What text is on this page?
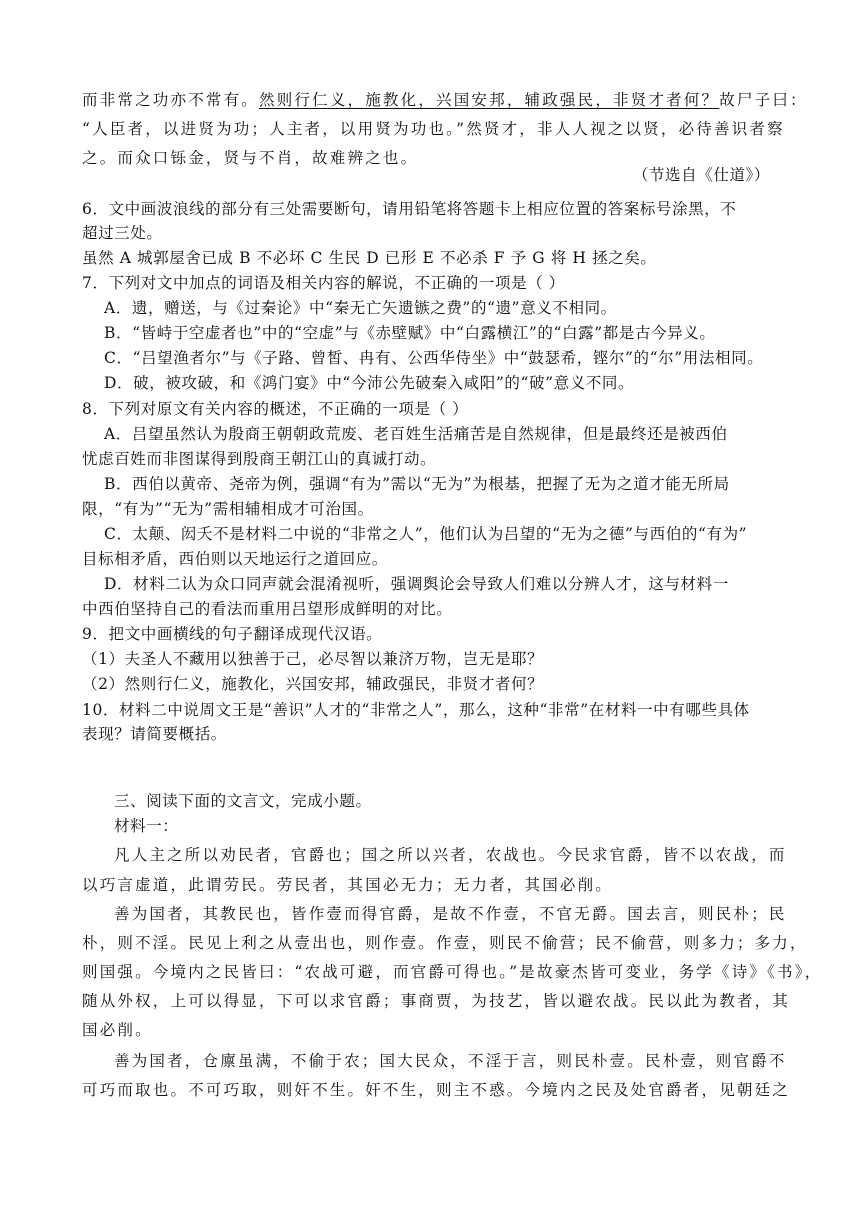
而非常之功亦不常有。然则行仁义，施教化，兴国安邦，辅政强民，非贤才者何？故尸子曰：
“人臣者，以进贤为功；人主者，以用贤为功也。”然贤才，非人人视之以贤，必待善识者察
之。而众口铄金，贤与不肖，故难辨之也。
（节选自《仕道》）
6．文中画波浪线的部分有三处需要断句，请用铅笔将答题卡上相应位置的答案标号涂黑，不
超过三处。
虽然 A 城郭屋舍已成 B 不必坏 C 生民 D 已形 E 不必杀 F 予 G 将 H 拯之矣。
7．下列对文中加点的词语及相关内容的解说，不正确的一项是（ ）
A．遗，赠送，与《过秦论》中“秦无亡矢遗镞之费”的“遗”意义不相同。
B．“皆峙于空虚者也”中的“空虚”与《赤壁赋》中“白露横江”的“白露”都是古今异义。
C．“吕望渔者尔”与《子路、曾皙、冉有、公西华侍坐》中“鼓瑟希，铿尔”的“尔”用法相同。
D．破，被攻破，和《鸿门宴》中“今沛公先破秦入咸阳”的“破”意义不同。
8．下列对原文有关内容的概述，不正确的一项是（ ）
A．吕望虽然认为殷商王朝朝政荒废、老百姓生活痛苦是自然规律，但是最终还是被西伯
忧虑百姓而非图谋得到殷商王朝江山的真诚打动。
B．西伯以黄帝、尧帝为例，强调“有为”需以“无为”为根基，把握了无为之道才能无所局
限，“有为”“无为”需相辅相成才可治国。
C．太颠、闳夭不是材料二中说的“非常之人”，他们认为吕望的“无为之德”与西伯的“有为”
目标相矛盾，西伯则以天地运行之道回应。
D．材料二认为众口同声就会混淆视听，强调舆论会导致人们难以分辨人才，这与材料一
中西伯坚持自己的看法而重用吕望形成鲜明的对比。
9．把文中画横线的句子翻译成现代汉语。
（1）夫圣人不藏用以独善于己，必尽智以兼济万物，岂无是耶？
（2）然则行仁义，施教化，兴国安邦，辅政强民，非贤才者何？
10．材料二中说周文王是“善识”人才的“非常之人”，那么，这种“非常”在材料一中有哪些具体
表现？请简要概括。
三、阅读下面的文言文，完成小题。
材料一：
凡人主之所以劝民者，官爵也；国之所以兴者，农战也。今民求官爵，皆不以农战，而
以巧言虚道，此谓劳民。劳民者，其国必无力；无力者，其国必削。
善为国者，其教民也，皆作壹而得官爵，是故不作壹，不官无爵。国去言，则民朴；民
朴，则不淫。民见上利之从壹出也，则作壹。作壹，则民不偷营；民不偷营，则多力；多力，
则国强。今境内之民皆曰：“农战可避，而官爵可得也。”是故豪杰皆可变业，务学《诗》《书》，
随从外权，上可以得显，下可以求官爵；事商贾，为技艺，皆以避农战。民以此为教者，其
国必削。
善为国者，仓廪虽满，不偷于农；国大民众，不淫于言，则民朴壹。民朴壹，则官爵不
可巧而取也。不可巧取，则奸不生。奸不生，则主不惑。今境内之民及处官爵者，见朝廷之
